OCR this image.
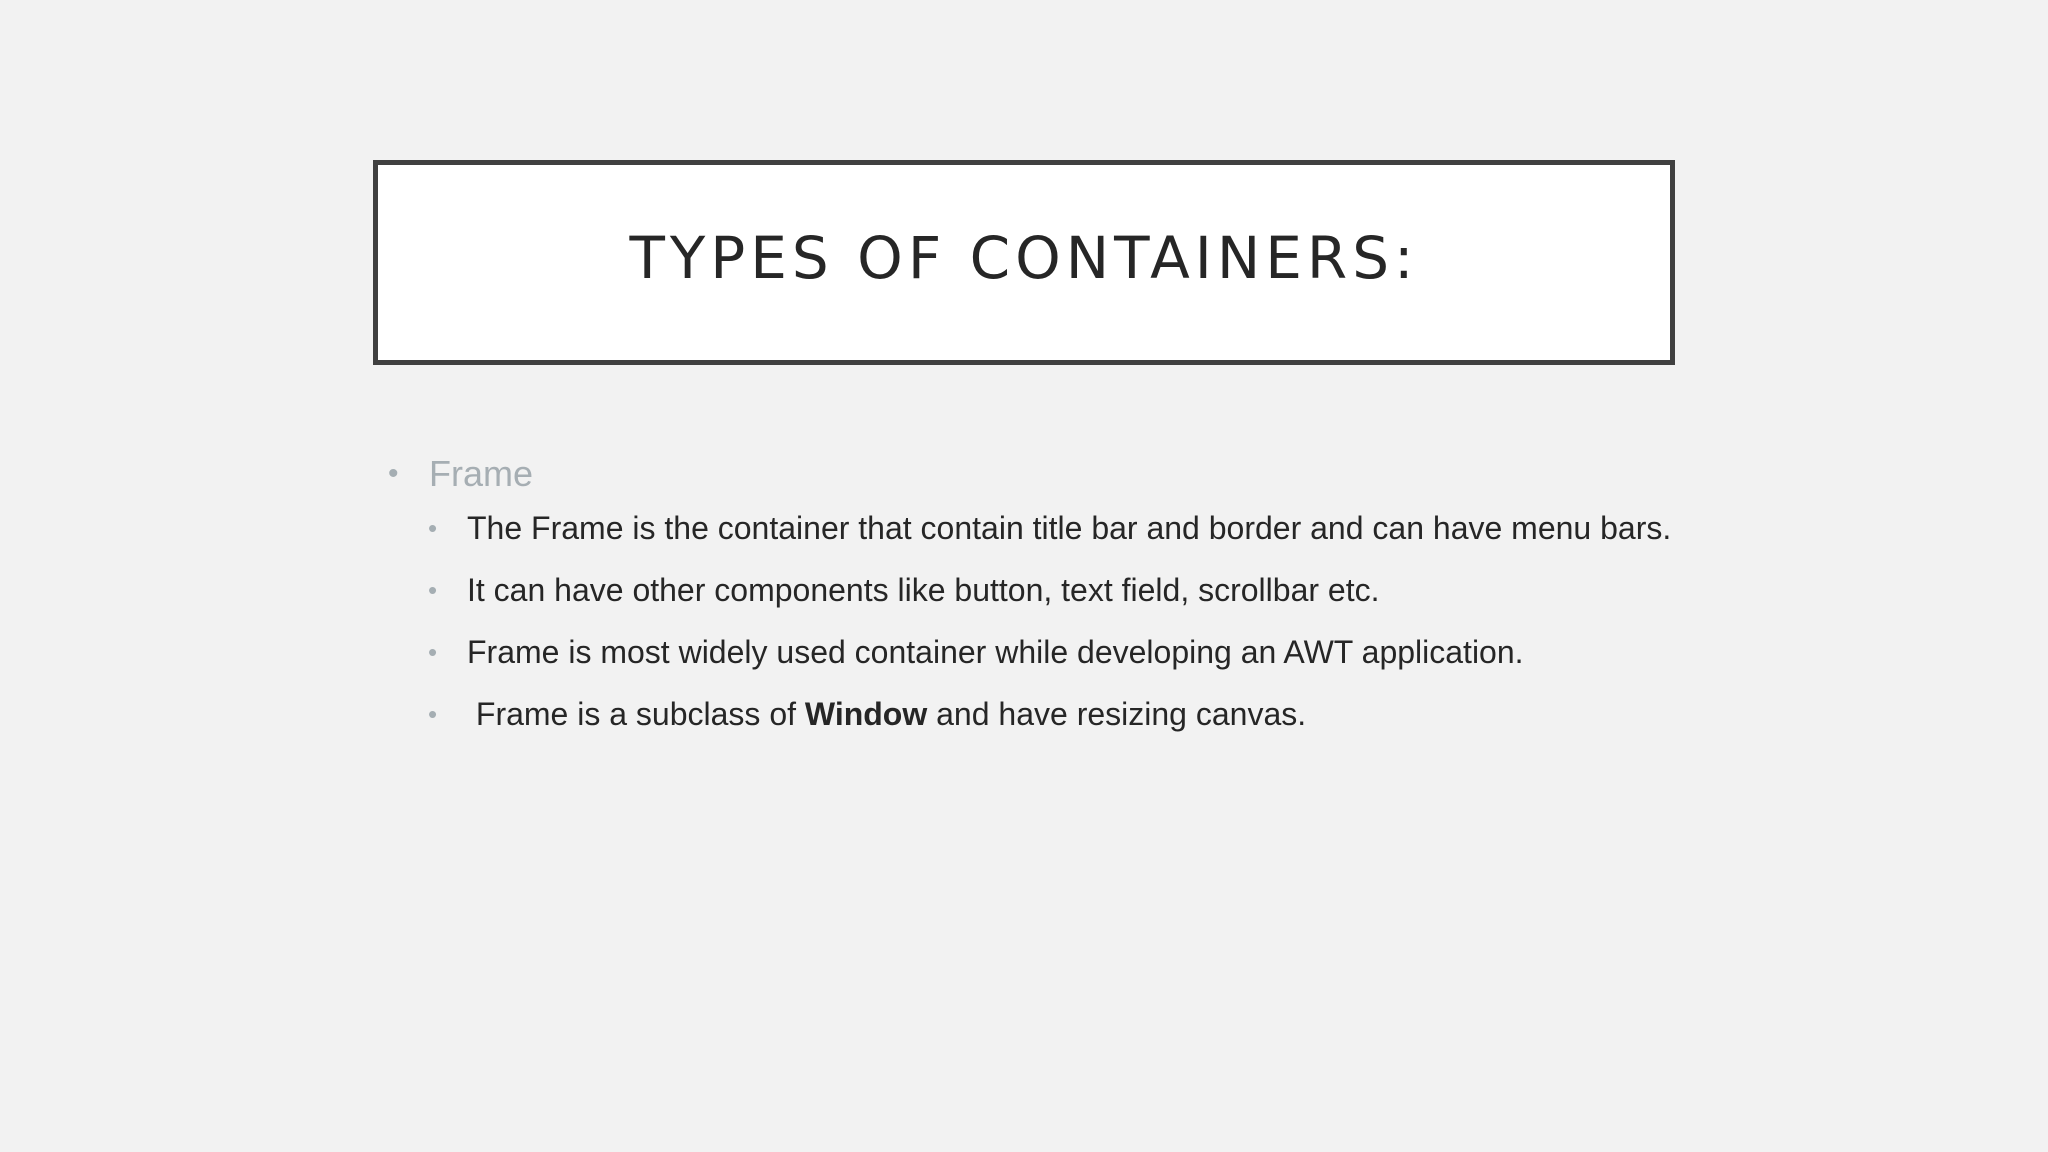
TYPES OF CONTAINERS:
• Frame
• The Frame is the container that contain title bar and border and can have menu bars.
• It can have other components like button, text field, scrollbar etc.
• Frame is most widely used container while developing an AWT application.
• Frame is a subclass of Window and have resizing canvas.
